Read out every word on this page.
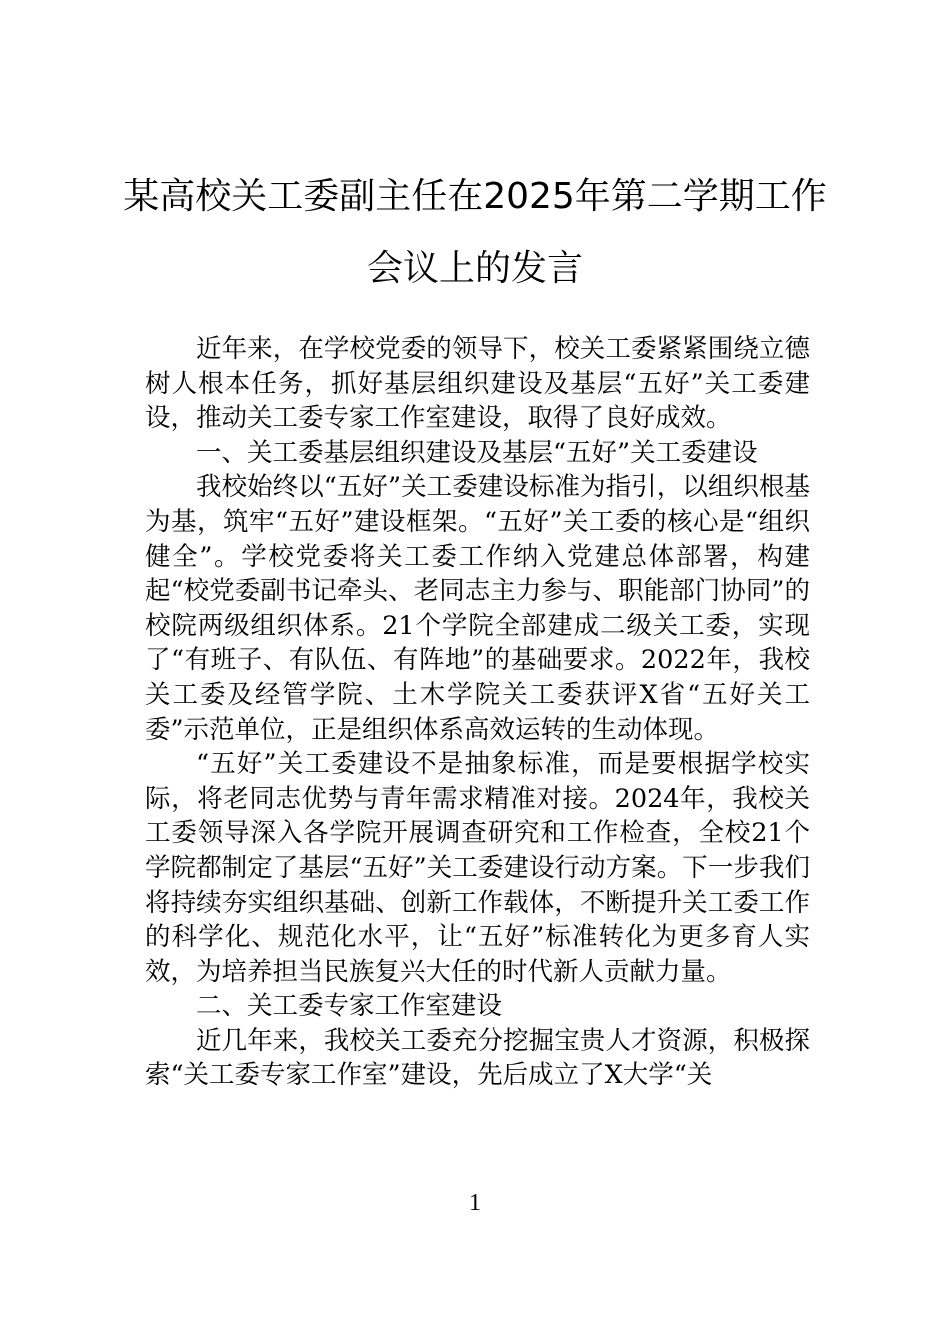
某高校关工委副主任在2025年第二学期工作会议上的发言

近年来，在学校党委的领导下，校关工委紧紧围绕立德树人根本任务，抓好基层组织建设及基层“五好”关工委建设，推动关工委专家工作室建设，取得了良好成效。

一、关工委基层组织建设及基层“五好”关工委建设

我校始终以“五好”关工委建设标准为指引，以组织根基为基，筑牢“五好”建设框架。“五好”关工委的核心是“组织健全”。学校党委将关工委工作纳入党建总体部署，构建起“校党委副书记牵头、老同志主力参与、职能部门协同”的校院两级组织体系。21个学院全部建成二级关工委，实现了“有班子、有队伍、有阵地”的基础要求。2022年，我校关工委及经管学院、土木学院关工委获评X省“五好关工委”示范单位，正是组织体系高效运转的生动体现。

“五好”关工委建设不是抽象标准，而是要根据学校实际，将老同志优势与青年需求精准对接。2024年，我校关工委领导深入各学院开展调查研究和工作检查，全校21个学院都制定了基层“五好”关工委建设行动方案。下一步我们将持续夯实组织基础、创新工作载体，不断提升关工委工作的科学化、规范化水平，让“五好”标准转化为更多育人实效，为培养担当民族复兴大任的时代新人贡献力量。

二、关工委专家工作室建设

近几年来，我校关工委充分挖掘宝贵人才资源，积极探索“关工委专家工作室”建设，先后成立了X大学“关

1
